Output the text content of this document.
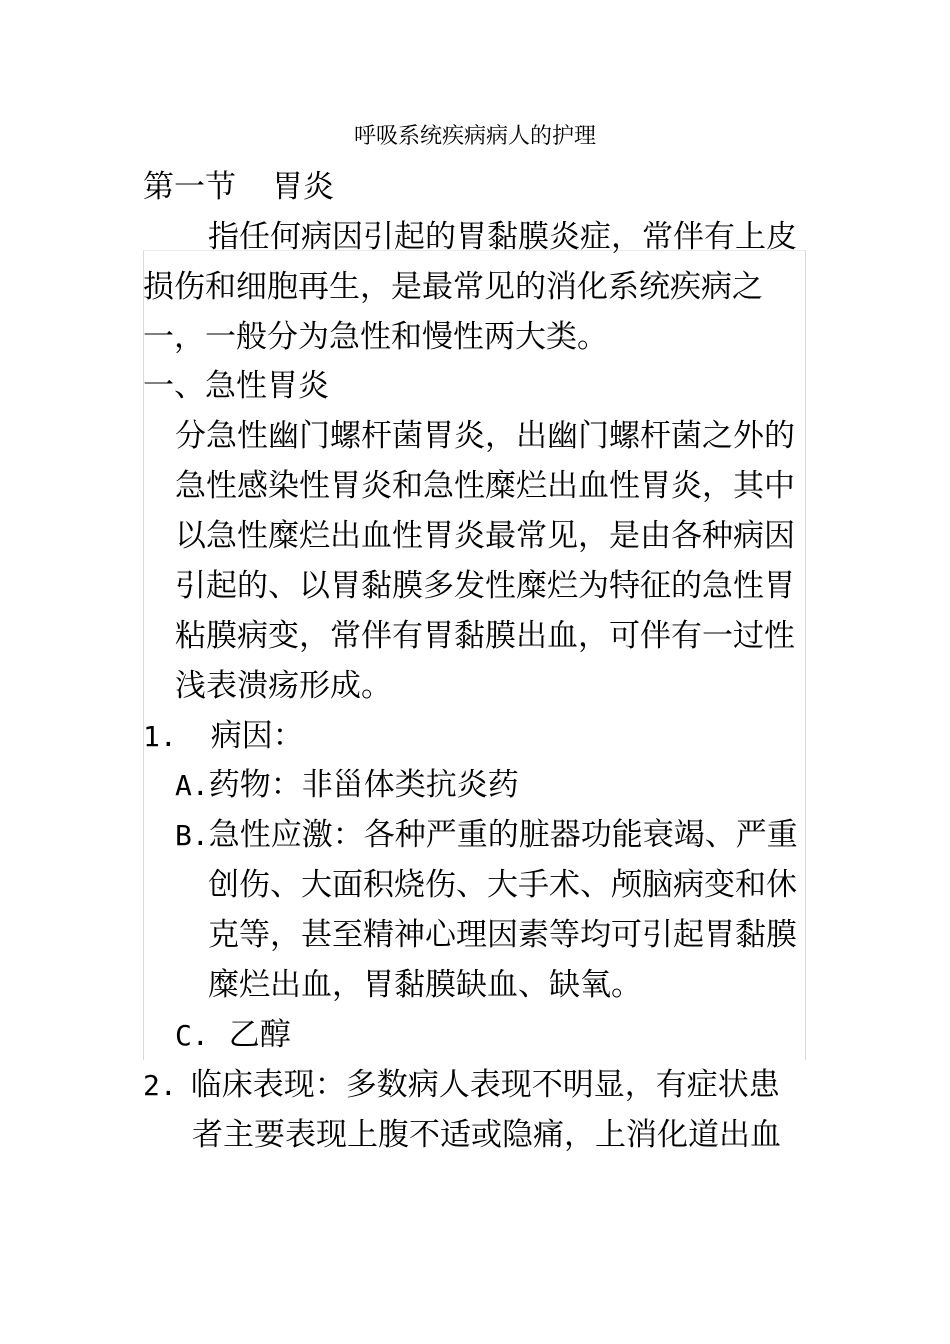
呼吸系统疾病病人的护理
第一节 胃炎
指任何病因引起的胃黏膜炎症，常伴有上皮
损伤和细胞再生，是最常见的消化系统疾病之
一，一般分为急性和慢性两大类。
一、急性胃炎
分急性幽门螺杆菌胃炎，出幽门螺杆菌之外的
急性感染性胃炎和急性糜烂出血性胃炎，其中
以急性糜烂出血性胃炎最常见，是由各种病因
引起的、以胃黏膜多发性糜烂为特征的急性胃
粘膜病变，常伴有胃黏膜出血，可伴有一过性
浅表溃疡形成。
1. 病因：
A.药物：非甾体类抗炎药
B.急性应激：各种严重的脏器功能衰竭、严重
创伤、大面积烧伤、大手术、颅脑病变和休
克等，甚至精神心理因素等均可引起胃黏膜
糜烂出血，胃黏膜缺血、缺氧。
C. 乙醇
2. 临床表现：多数病人表现不明显，有症状患
者主要表现上腹不适或隐痛，上消化道出血
